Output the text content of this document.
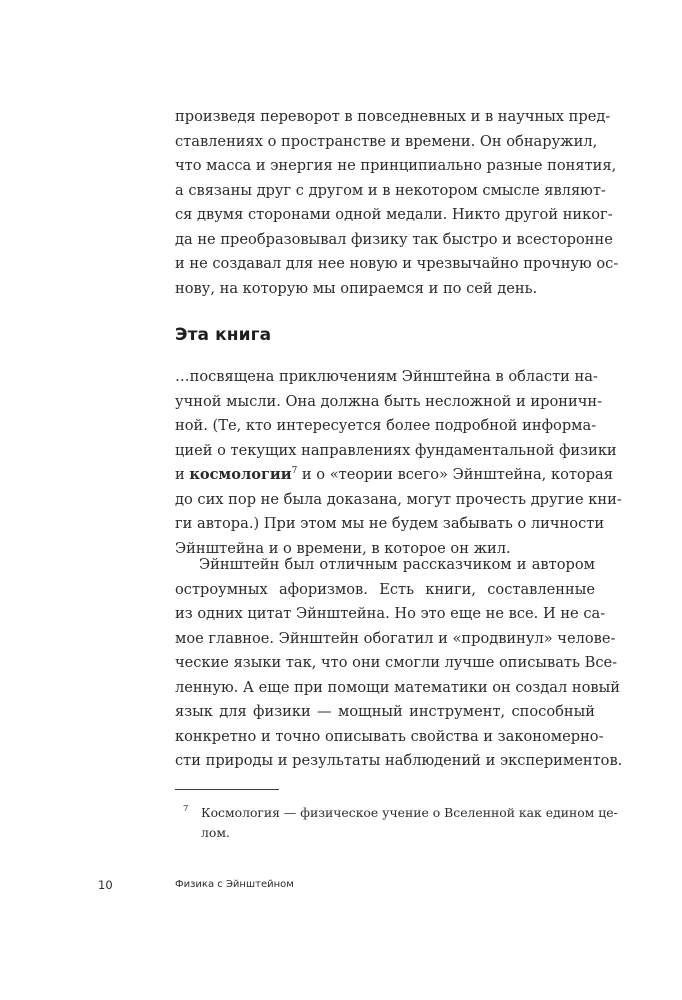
произведя переворот в повседневных и в научных пред-
ставлениях о пространстве и времени. Он обнаружил,
что масса и энергия не принципиально разные понятия,
а связаны друг с другом и в некотором смысле являют-
ся двумя сторонами одной медали. Никто другой никог-
да не преобразовывал физику так быстро и всесторонне
и не создавал для нее новую и чрезвычайно прочную ос-
нову, на которую мы опираемся и по сей день.
Эта книга
…посвящена приключениям Эйнштейна в области на-
учной мысли. Она должна быть несложной и ироничн-
ной. (Те, кто интересуется более подробной информа-
цией о текущих направлениях фундаментальной физики
и космологии$^7$ и о «теории всего» Эйнштейна, которая
до сих пор не была доказана, могут прочесть другие кни-
ги автора.) При этом мы не будем забывать о личности
Эйнштейна и о времени, в которое он жил.
Эйнштейн был отличным рассказчиком и автором
остроумных афоризмов. Есть книги, составленные
из одних цитат Эйнштейна. Но это еще не все. И не са-
мое главное. Эйнштейн обогатил и «продвинул» челове-
ческие языки так, что они смогли лучше описывать Все-
ленную. А еще при помощи математики он создал новый
язык для физики — мощный инструмент, способный
конкретно и точно описывать свойства и закономерно-
сти природы и результаты наблюдений и экспериментов.
7 Космология — физическое учение о Вселенной как едином це-
лом.
10	Физика с Эйнштейном
